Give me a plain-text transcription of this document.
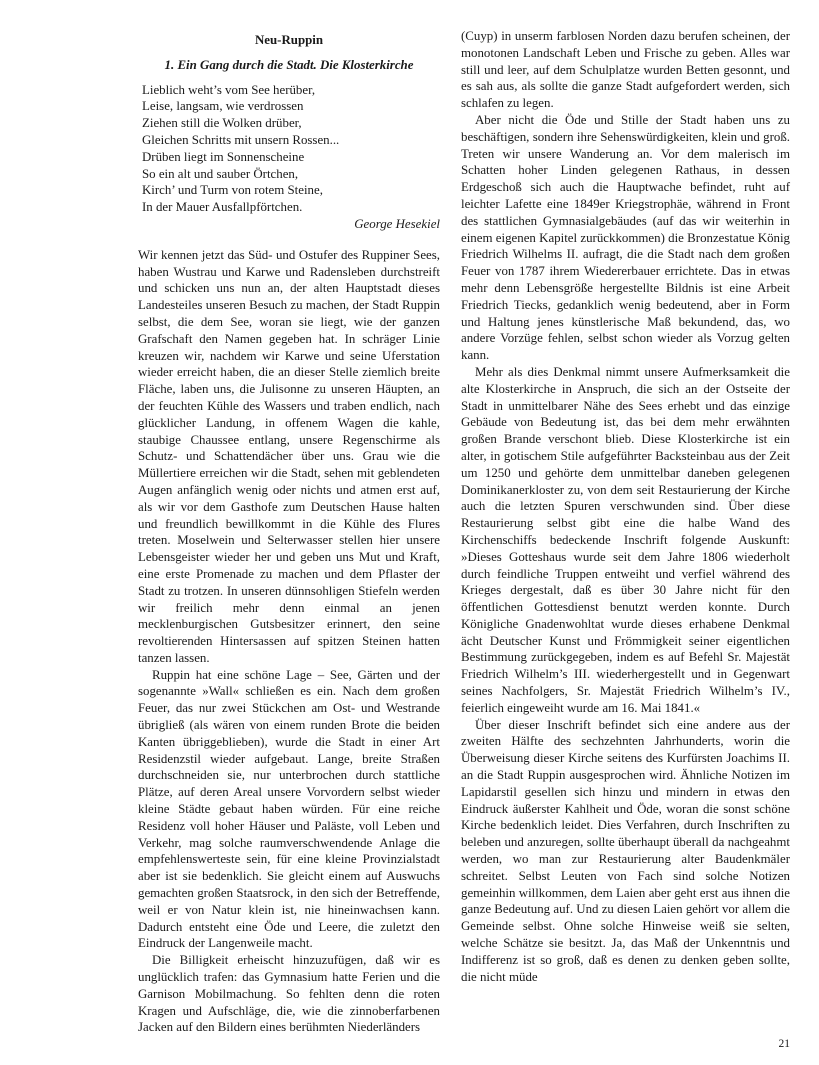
Neu-Ruppin
1. Ein Gang durch die Stadt. Die Klosterkirche
Lieblich weht’s vom See herüber,
Leise, langsam, wie verdrossen
Ziehen still die Wolken drüber,
Gleichen Schritts mit unsern Rossen...
Drüben liegt im Sonnenscheine
So ein alt und sauber Örtchen,
Kirch’ und Turm von rotem Steine,
In der Mauer Ausfallpförtchen.
George Hesekiel

Wir kennen jetzt das Süd- und Ostufer des Ruppiner Sees, haben Wustrau und Karwe und Radensleben durchstreift und schicken uns nun an, der alten Hauptstadt dieses Landesteiles unseren Besuch zu machen, der Stadt Ruppin selbst, die dem See, woran sie liegt, wie der ganzen Grafschaft den Namen gegeben hat. In schräger Linie kreuzen wir, nachdem wir Karwe und seine Uferstation wieder erreicht haben, die an dieser Stelle ziemlich breite Fläche, laben uns, die Julisonne zu unseren Häupten, an der feuchten Kühle des Wassers und traben endlich, nach glücklicher Landung, in offenem Wagen die kahle, staubige Chaussee entlang, unsere Regenschirme als Schutz- und Schattendächer über uns. Grau wie die Müllertiere erreichen wir die Stadt, sehen mit geblendeten Augen anfänglich wenig oder nichts und atmen erst auf, als wir vor dem Gasthofe zum Deutschen Hause halten und freundlich bewillkommt in die Kühle des Flures treten. Moselwein und Selterwasser stellen hier unsere Lebensgeister wieder her und geben uns Mut und Kraft, eine erste Promenade zu machen und dem Pflaster der Stadt zu trotzen. In unseren dünnsohligen Stiefeln werden wir freilich mehr denn einmal an jenen mecklenburgischen Gutsbesitzer erinnert, den seine revoltierenden Hintersassen auf spitzen Steinen hatten tanzen lassen.

Ruppin hat eine schöne Lage – See, Gärten und der sogenannte »Wall« schließen es ein. Nach dem großen Feuer, das nur zwei Stückchen am Ost- und Westrande übrigließ (als wären von einem runden Brote die beiden Kanten übriggeblieben), wurde die Stadt in einer Art Residenzstil wieder aufgebaut. Lange, breite Straßen durchschneiden sie, nur unterbrochen durch stattliche Plätze, auf deren Areal unsere Vorvordern selbst wieder kleine Städte gebaut haben würden. Für eine reiche Residenz voll hoher Häuser und Paläste, voll Leben und Verkehr, mag solche raumverschwendende Anlage die empfehlenswerteste sein, für eine kleine Provinzialstadt aber ist sie bedenklich. Sie gleicht einem auf Auswuchs gemachten großen Staatsrock, in den sich der Betreffende, weil er von Natur klein ist, nie hineinwachsen kann. Dadurch entsteht eine Öde und Leere, die zuletzt den Eindruck der Langenweile macht.

Die Billigkeit erheischt hinzuzufügen, daß wir es unglücklich trafen: das Gymnasium hatte Ferien und die Garnison Mobilmachung. So fehlten denn die roten Kragen und Aufschläge, die, wie die zinnoberfarbenen Jacken auf den Bildern eines berühmten Niederländers

(Cuyp) in unserm farblosen Norden dazu berufen scheinen, der monotonen Landschaft Leben und Frische zu geben. Alles war still und leer, auf dem Schulplatze wurden Betten gesonnt, und es sah aus, als sollte die ganze Stadt aufgefordert werden, sich schlafen zu legen.

Aber nicht die Öde und Stille der Stadt haben uns zu beschäftigen, sondern ihre Sehenswürdigkeiten, klein und groß. Treten wir unsere Wanderung an. Vor dem malerisch im Schatten hoher Linden gelegenen Rathaus, in dessen Erdgeschoß sich auch die Hauptwache befindet, ruht auf leichter Lafette eine 1849er Kriegstrophäe, während in Front des stattlichen Gymnasialgebäudes (auf das wir weiterhin in einem eigenen Kapitel zurückkommen) die Bronzestatue König Friedrich Wilhelms II. aufragt, die die Stadt nach dem großen Feuer von 1787 ihrem Wiedererbauer errichtete. Das in etwas mehr denn Lebensgröße hergestellte Bildnis ist eine Arbeit Friedrich Tiecks, gedanklich wenig bedeutend, aber in Form und Haltung jenes künstlerische Maß bekundend, das, wo andere Vorzüge fehlen, selbst schon wieder als Vorzug gelten kann.

Mehr als dies Denkmal nimmt unsere Aufmerksamkeit die alte Klosterkirche in Anspruch, die sich an der Ostseite der Stadt in unmittelbarer Nähe des Sees erhebt und das einzige Gebäude von Bedeutung ist, das bei dem mehr erwähnten großen Brande verschont blieb. Diese Klosterkirche ist ein alter, in gotischem Stile aufgeführter Backsteinbau aus der Zeit um 1250 und gehörte dem unmittelbar daneben gelegenen Dominikanerkloster zu, von dem seit Restaurierung der Kirche auch die letzten Spuren verschwunden sind. Über diese Restaurierung selbst gibt eine die halbe Wand des Kirchenschiffs bedeckende Inschrift folgende Auskunft: »Dieses Gotteshaus wurde seit dem Jahre 1806 wiederholt durch feindliche Truppen entweiht und verfiel während des Krieges dergestalt, daß es über 30 Jahre nicht für den öffentlichen Gottesdienst benutzt werden konnte. Durch Königliche Gnadenwohltat wurde dieses erhabene Denkmal ächt Deutscher Kunst und Frömmigkeit seiner eigentlichen Bestimmung zurückgegeben, indem es auf Befehl Sr. Majestät Friedrich Wilhelm’s III. wiederhergestellt und in Gegenwart seines Nachfolgers, Sr. Majestät Friedrich Wilhelm’s IV., feierlich eingeweiht wurde am 16. Mai 1841.«

Über dieser Inschrift befindet sich eine andere aus der zweiten Hälfte des sechzehnten Jahrhunderts, worin die Überweisung dieser Kirche seitens des Kurfürsten Joachims II. an die Stadt Ruppin ausgesprochen wird. Ähnliche Notizen im Lapidarstil gesellen sich hinzu und mindern in etwas den Eindruck äußerster Kahlheit und Öde, woran die sonst schöne Kirche bedenklich leidet. Dies Verfahren, durch Inschriften zu beleben und anzuregen, sollte überhaupt überall da nachgeahmt werden, wo man zur Restaurierung alter Baudenkmäler schreitet. Selbst Leuten von Fach sind solche Notizen gemeinhin willkommen, dem Laien aber geht erst aus ihnen die ganze Bedeutung auf. Und zu diesen Laien gehört vor allem die Gemeinde selbst. Ohne solche Hinweise weiß sie selten, welche Schätze sie besitzt. Ja, das Maß der Unkenntnis und Indifferenz ist so groß, daß es denen zu denken geben sollte, die nicht müde

21
